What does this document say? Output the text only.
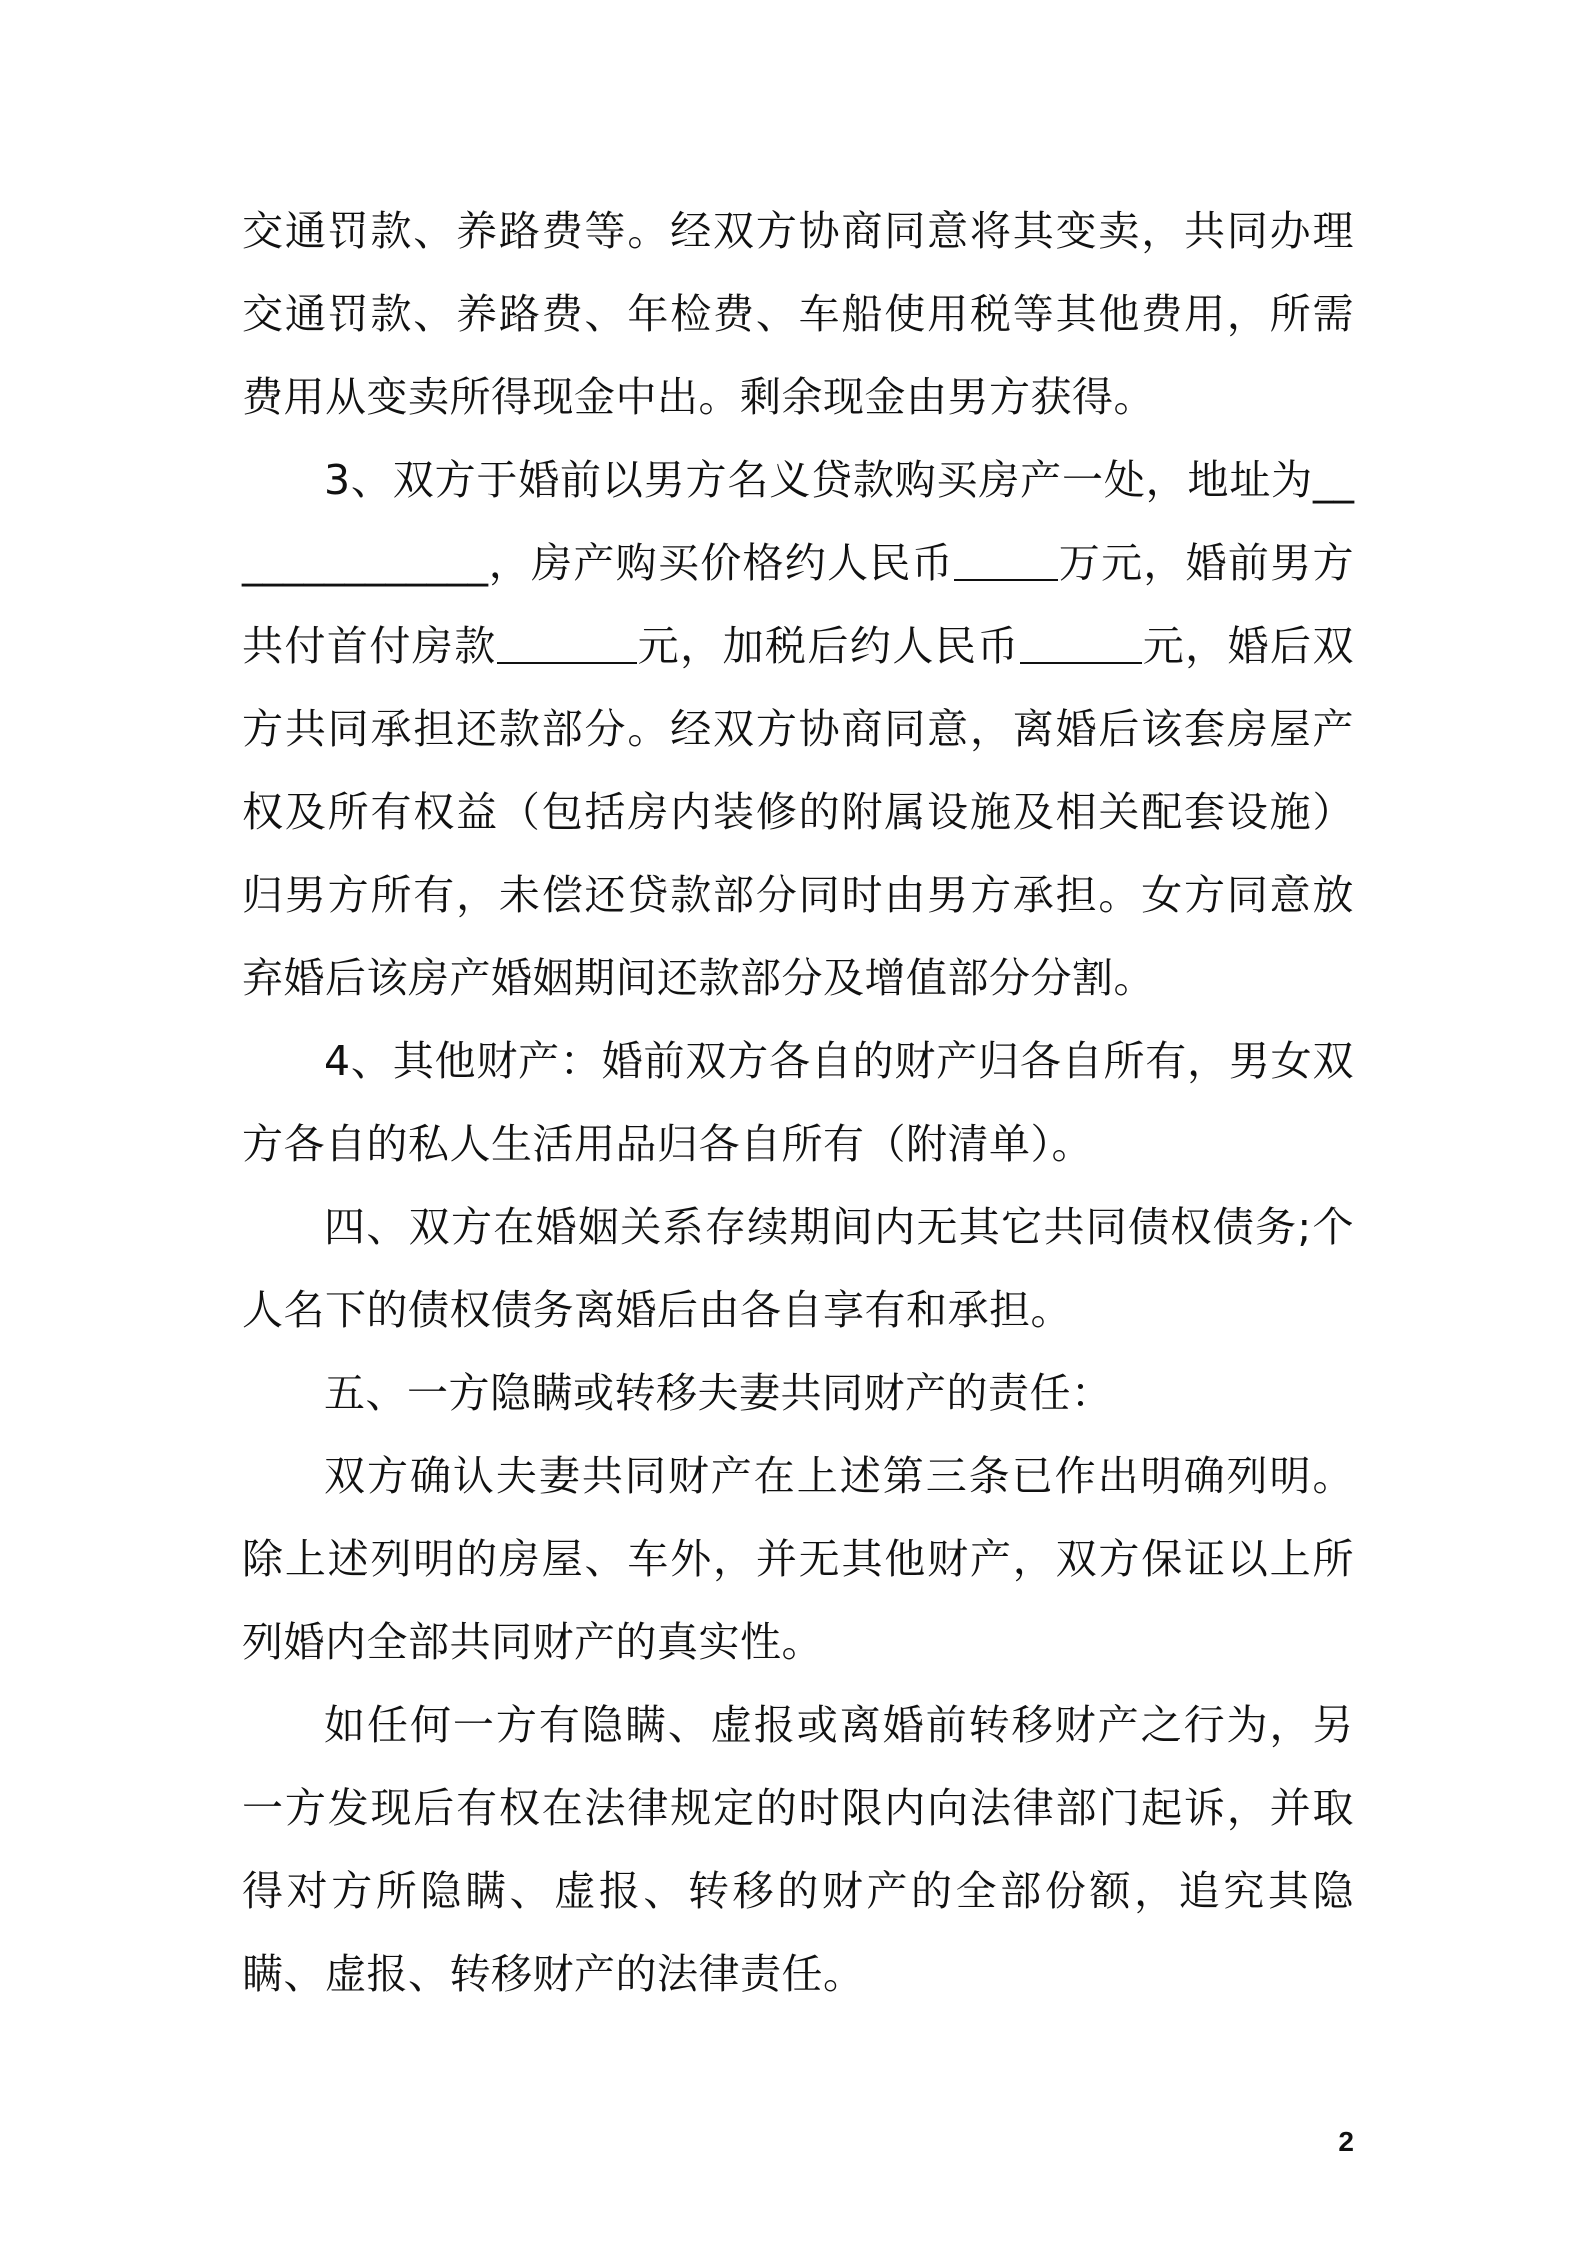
交通罚款、养路费等。经双方协商同意将其变卖，共同办理交通罚款、养路费、年检费、车船使用税等其他费用，所需费用从变卖所得现金中出。剩余现金由男方获得。

3、双方于婚前以男方名义贷款购买房产一处，地址为______________，房产购买价格约人民币	万元，婚前男方共付首付房款	元，加税后约人民币	元，婚后双方共同承担还款部分。经双方协商同意，离婚后该套房屋产权及所有权益（包括房内装修的附属设施及相关配套设施）归男方所有，未偿还贷款部分同时由男方承担。女方同意放弃婚后该房产婚姻期间还款部分及增值部分分割。

4、其他财产：婚前双方各自的财产归各自所有，男女双方各自的私人生活用品归各自所有（附清单）。

四、双方在婚姻关系存续期间内无其它共同债权债务;个人名下的债权债务离婚后由各自享有和承担。

五、一方隐瞒或转移夫妻共同财产的责任：

双方确认夫妻共同财产在上述第三条已作出明确列明。除上述列明的房屋、车外，并无其他财产，双方保证以上所列婚内全部共同财产的真实性。

如任何一方有隐瞒、虚报或离婚前转移财产之行为，另一方发现后有权在法律规定的时限内向法律部门起诉，并取得对方所隐瞒、虚报、转移的财产的全部份额，追究其隐瞒、虚报、转移财产的法律责任。

2
